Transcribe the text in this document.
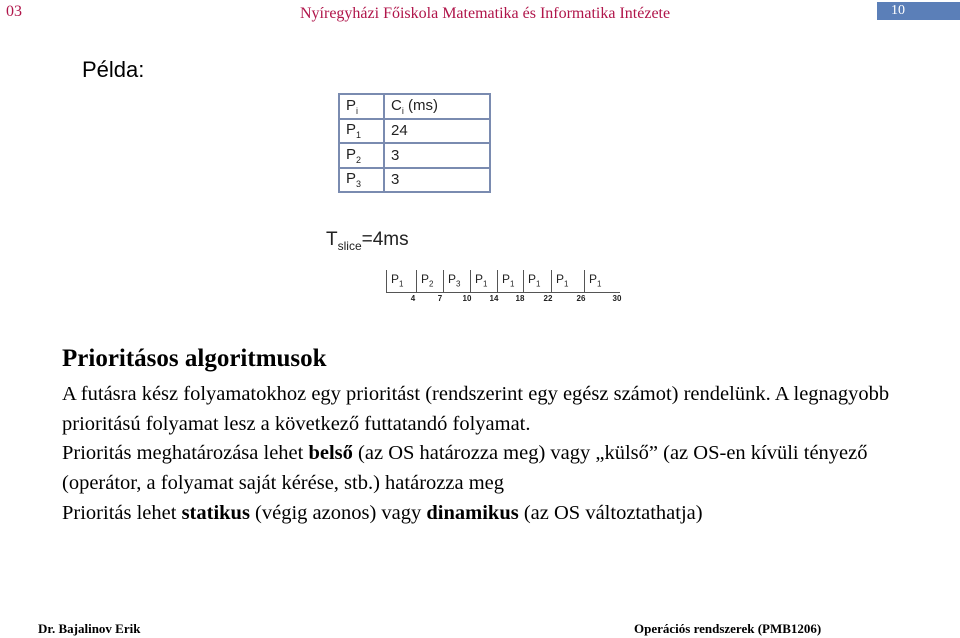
03	Nyíregyházi Főiskola Matematika és Informatika Intézete	10
Példa:
$P_i$	$C_i$ (ms)
$P_1$	24
$P_2$	3
$P_3$	3
$T_{slice}=4ms$
$P_1$ $P_2$ $P_3$ $P_1$ $P_1$ $P_1$ $P_1$ $P_1$
4	7	10 14 18 22	26	30
Prioritásos algoritmusok

A futásra kész folyamatokhoz egy prioritást (rendszerint egy egész számot) rendelünk. A legnagyobb prioritású folyamat lesz a következő futtatandó folyamat.

Prioritás meghatározása lehet belső (az OS határozza meg) vagy „külső” (az OS-en kívüli tényező (operátor, a folyamat saját kérése, stb.) határozza meg

Prioritás lehet statikus (végig azonos) vagy dinamikus (az OS változtathatja)

Dr. Bajalinov Erik	Operációs rendszerek (PMB1206)
